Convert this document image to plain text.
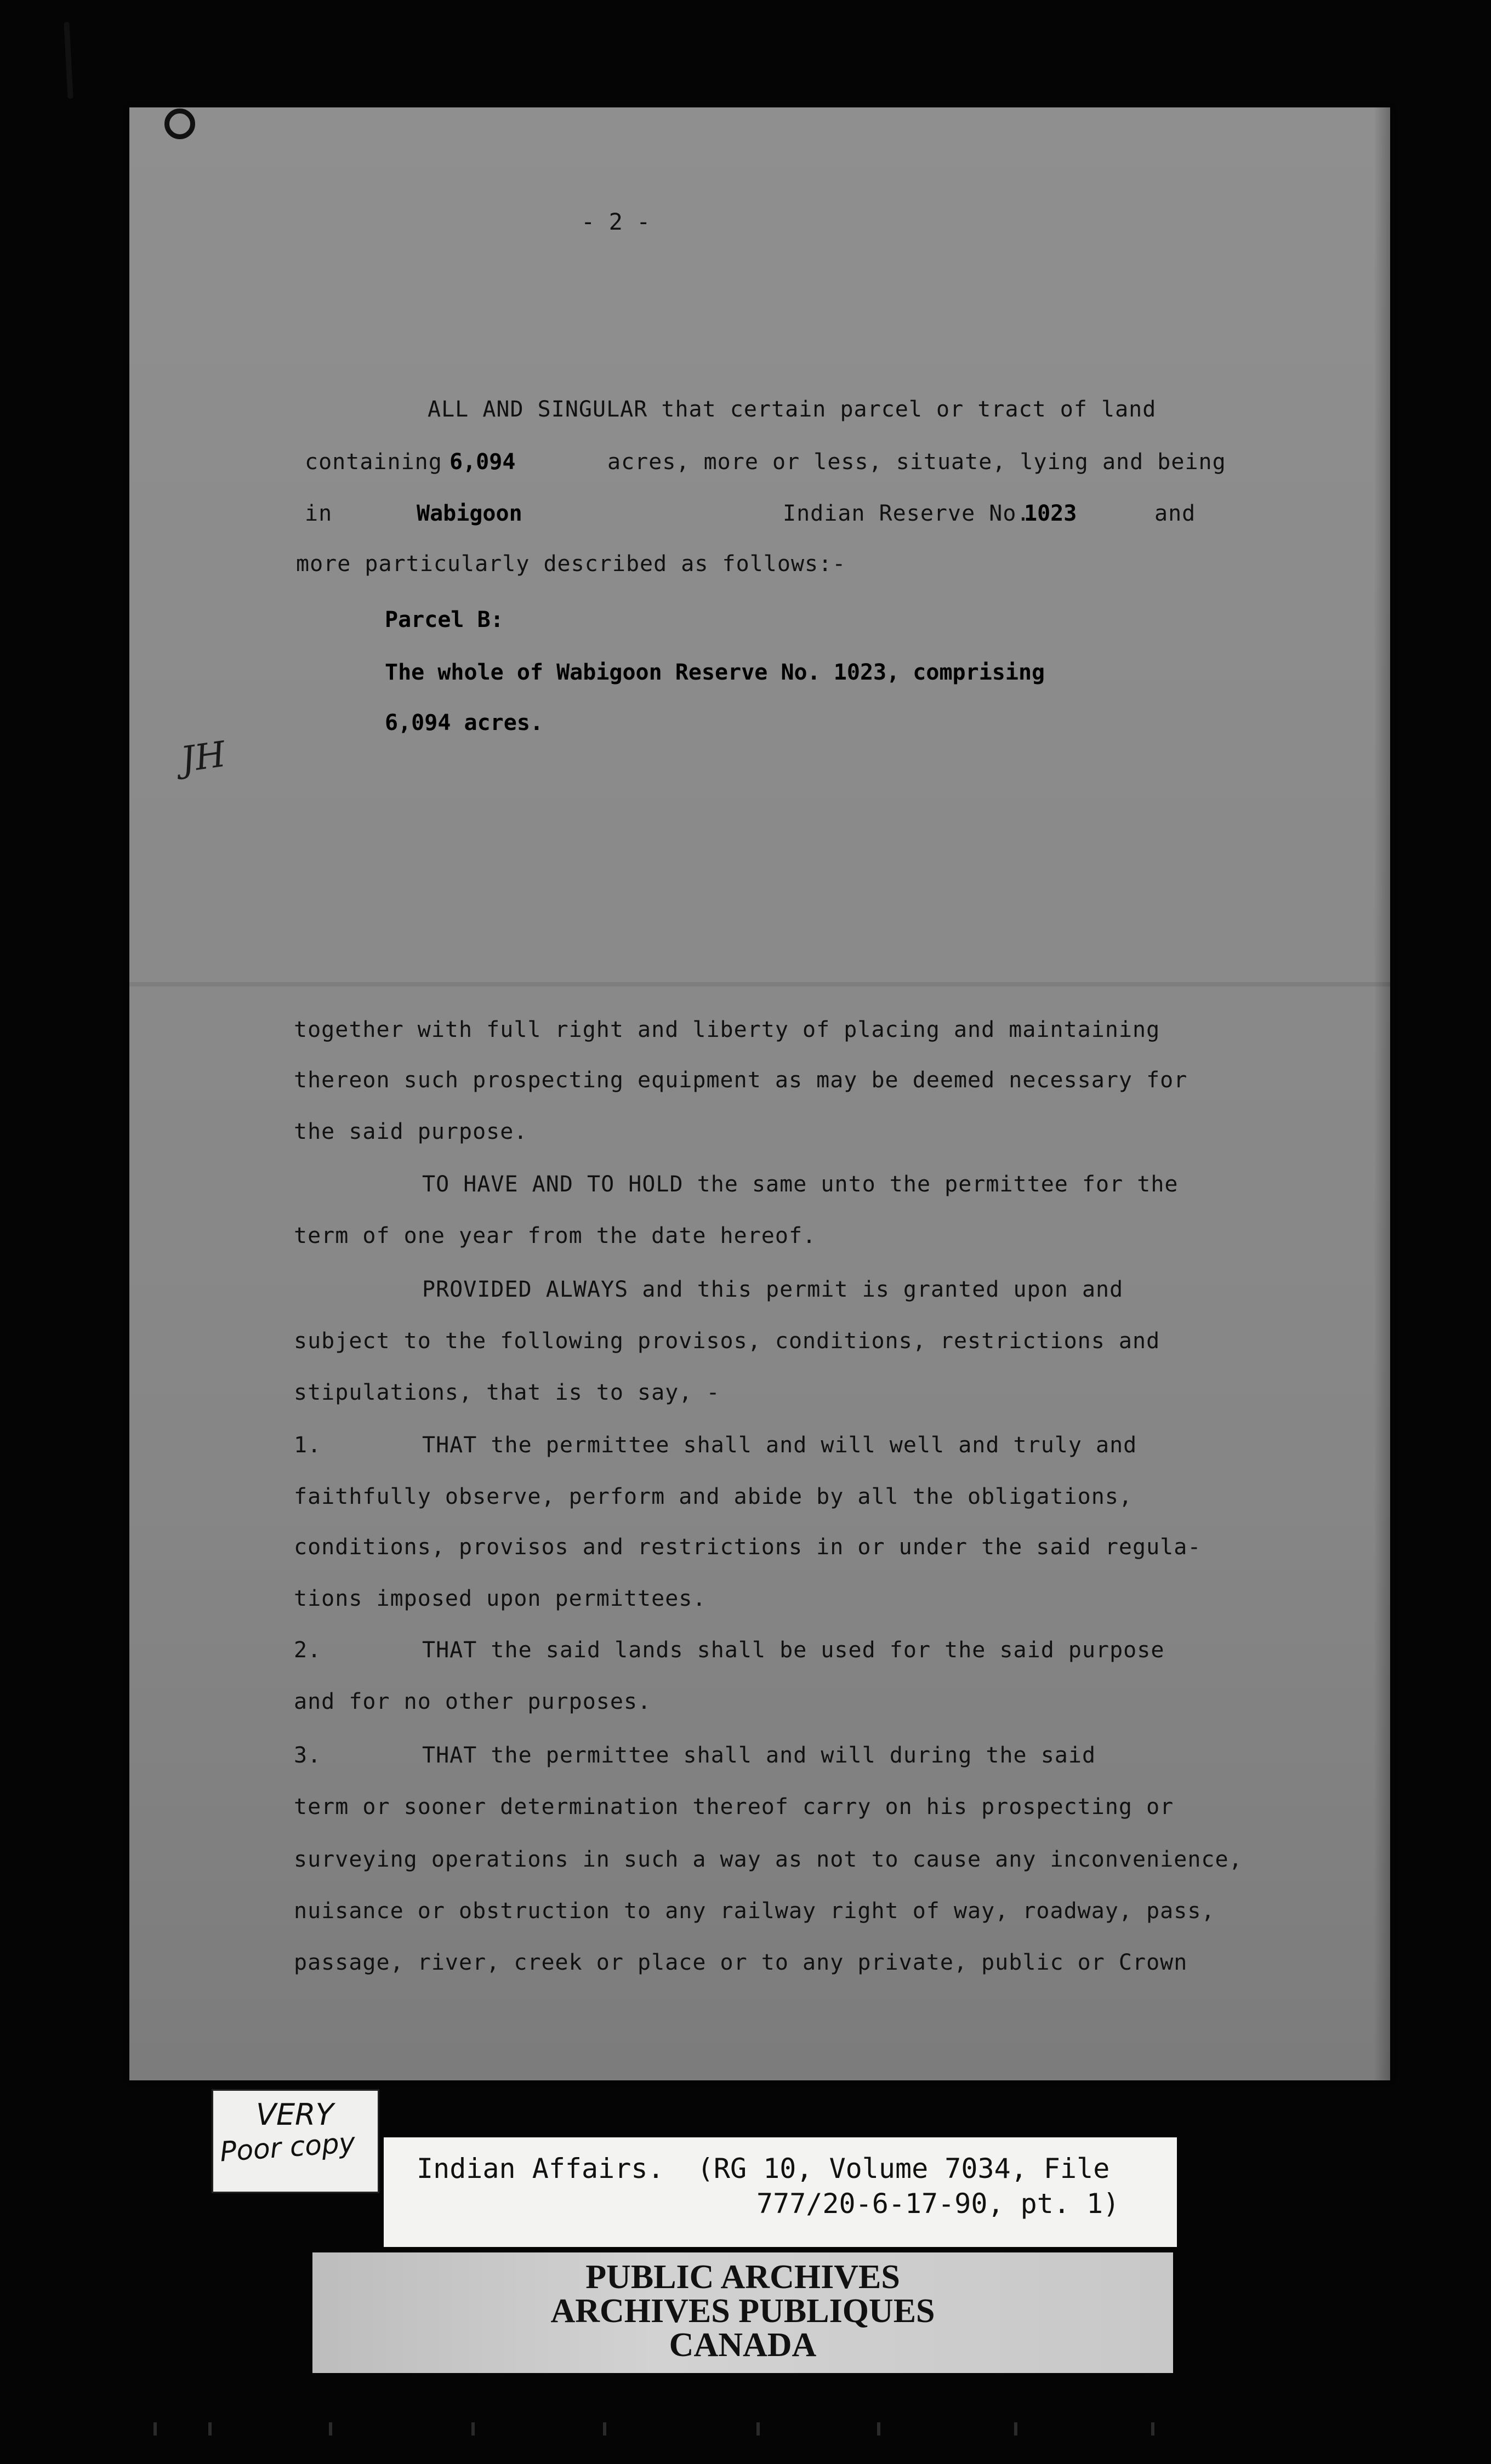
- 2 -
JH
ALL AND SINGULAR that certain parcel or tract of land
containing	acres, more or less, situate, lying and being
in	Indian Reserve No.	and
more particularly described as follows:-
together with full right and liberty of placing and maintaining
thereon such prospecting equipment as may be deemed necessary for
the said purpose.
TO HAVE AND TO HOLD the same unto the permittee for the
term of one year from the date hereof.
PROVIDED ALWAYS and this permit is granted upon and
subject to the following provisos, conditions, restrictions and
stipulations, that is to say, -
1.	THAT the permittee shall and will well and truly and
faithfully observe, perform and abide by all the obligations,
conditions, provisos and restrictions in or under the said regula-
tions imposed upon permittees.
2.	THAT the said lands shall be used for the said purpose
and for no other purposes.
3.	THAT the permittee shall and will during the said
term or sooner determination thereof carry on his prospecting or
surveying operations in such a way as not to cause any inconvenience,
nuisance or obstruction to any railway right of way, roadway, pass,
passage, river, creek or place or to any private, public or Crown
6,094
Wabigoon	1023
Parcel B:
The whole of Wabigoon Reserve No. 1023, comprising
6,094 acres.
VERY
Poor copy
Indian Affairs.  (RG 10, Volume 7034, File
777/20-6-17-90, pt. 1)
PUBLIC ARCHIVES
ARCHIVES PUBLIQUES
CANADA
